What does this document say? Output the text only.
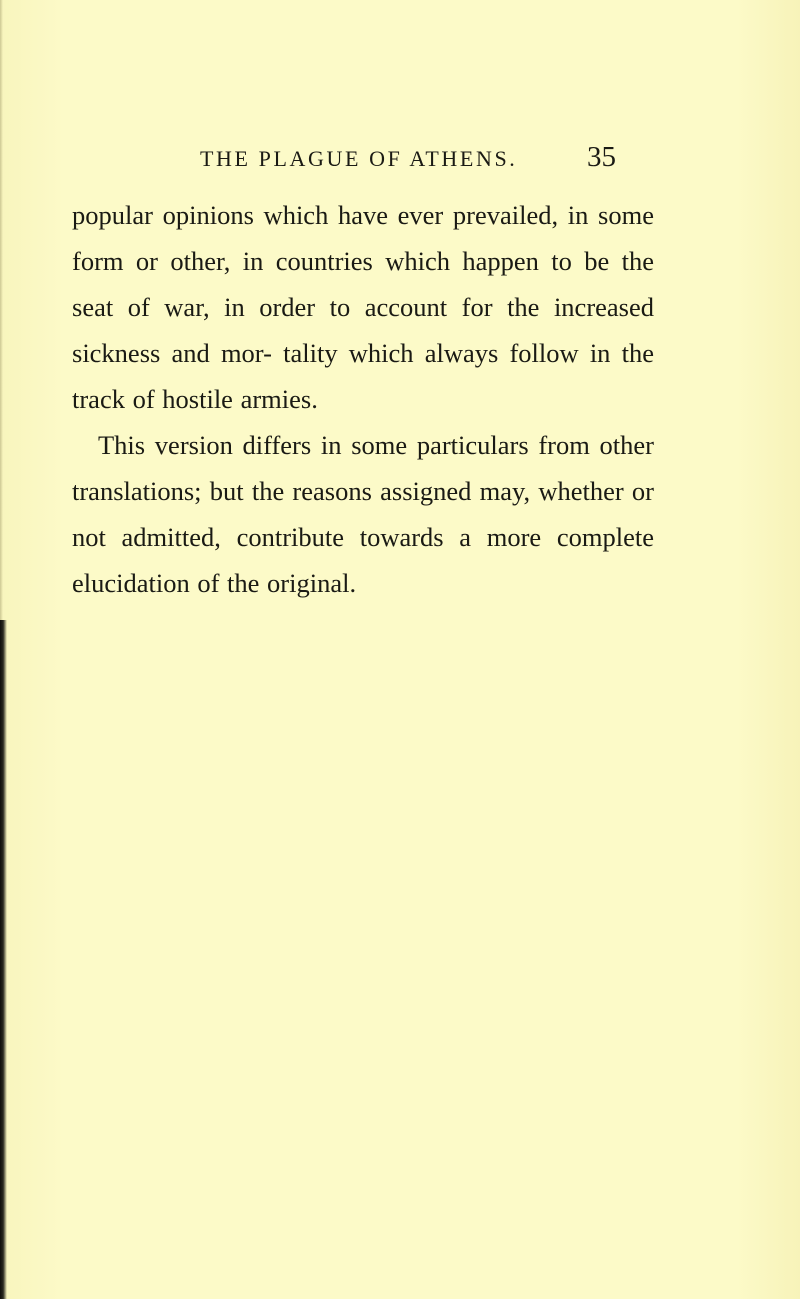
THE PLAGUE OF ATHENS. 35

popular opinions which have ever prevailed, in some form or other, in countries which happen to be the seat of war, in order to account for the increased sickness and mor- tality which always follow in the track of hostile armies.

This version differs in some particulars from other translations; but the reasons assigned may, whether or not admitted, contribute towards a more complete elucidation of the original.
